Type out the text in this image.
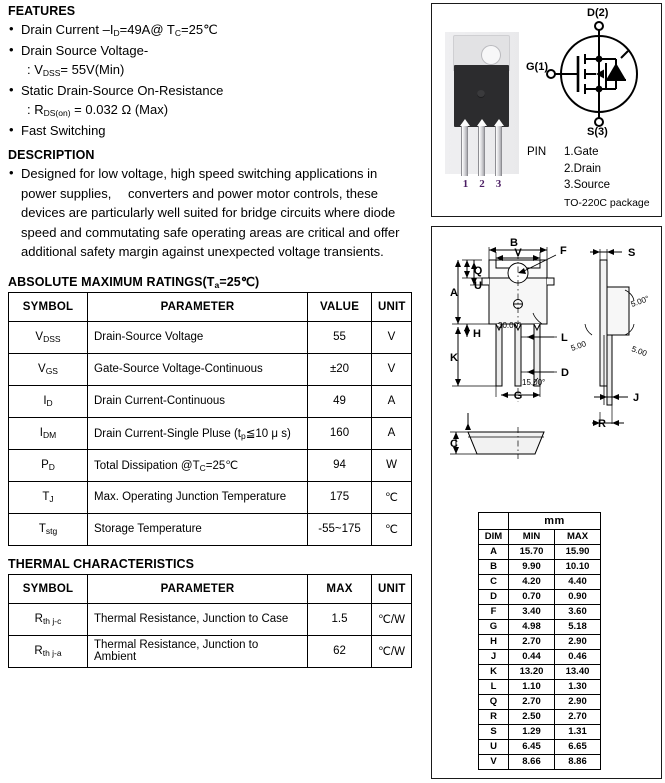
FEATURES
• Drain Current $-I_D=49A@$ $T_C=25℃$
• Drain Source Voltage-
: $V_{DSS}= 55V(Min)$
• Static Drain-Source On-Resistance
: $R_{DS(on)} = 0.032$ Ω (Max)
• Fast Switching
DESCRIPTION

• Designed for low voltage, high speed switching applications in power supplies,  converters and power motor controls, these devices are particularly well suited for bridge circuits where diode speed and commutating safe operating areas are critical and offer additional safety margin against unexpected voltage transients.

ABSOLUTE MAXIMUM $RATINGS(T_a=25℃)$
SYMBOL	PARAMETER	VALUE	UNIT
$V_{DSS}$	Drain-Source Voltage	55	V
$V_{GS}$	Gate-Source Voltage-Continuous	±20	V
$I_D$	Drain Current-Continuous	49	A
$I_{DM}$	Drain Current-Single Pluse ($t_p≦10$ μ s)	160	A
$P_D$	Total Dissipation $@T_C=25℃$	94	W
$T_J$	Max. Operating Junction Temperature	175	℃
$T_{stg}$	Storage Temperature	-55~175	℃
THERMAL CHARACTERISTICS
SYMBOL	PARAMETER	MAX	UNIT
$R_{th j-c}$	Thermal Resistance, Junction to Case	1.5	℃/W
$R_{th j-a}$	Thermal Resistance, Junction to Ambient	62	℃/W
1 2 3
D(2)
S(3)
G(1)
PIN 1.Gate
2.Drain
3.Source
TO-220C package
B
V	F
A
Q
U
K
H	L
D
G
C
S
J
R
30.00°
15.00°
5.00°
5.00
5.00
	mm	
DIM	MIN	MAX
A	15.70	15.90
B	9.90	10.10
C	4.20	4.40
D	0.70	0.90
F	3.40	3.60
G	4.98	5.18
H	2.70	2.90
J	0.44	0.46
K	13.20	13.40
L	1.10	1.30
Q	2.70	2.90
R	2.50	2.70
S	1.29	1.31
U	6.45	6.65
V	8.66	8.86
